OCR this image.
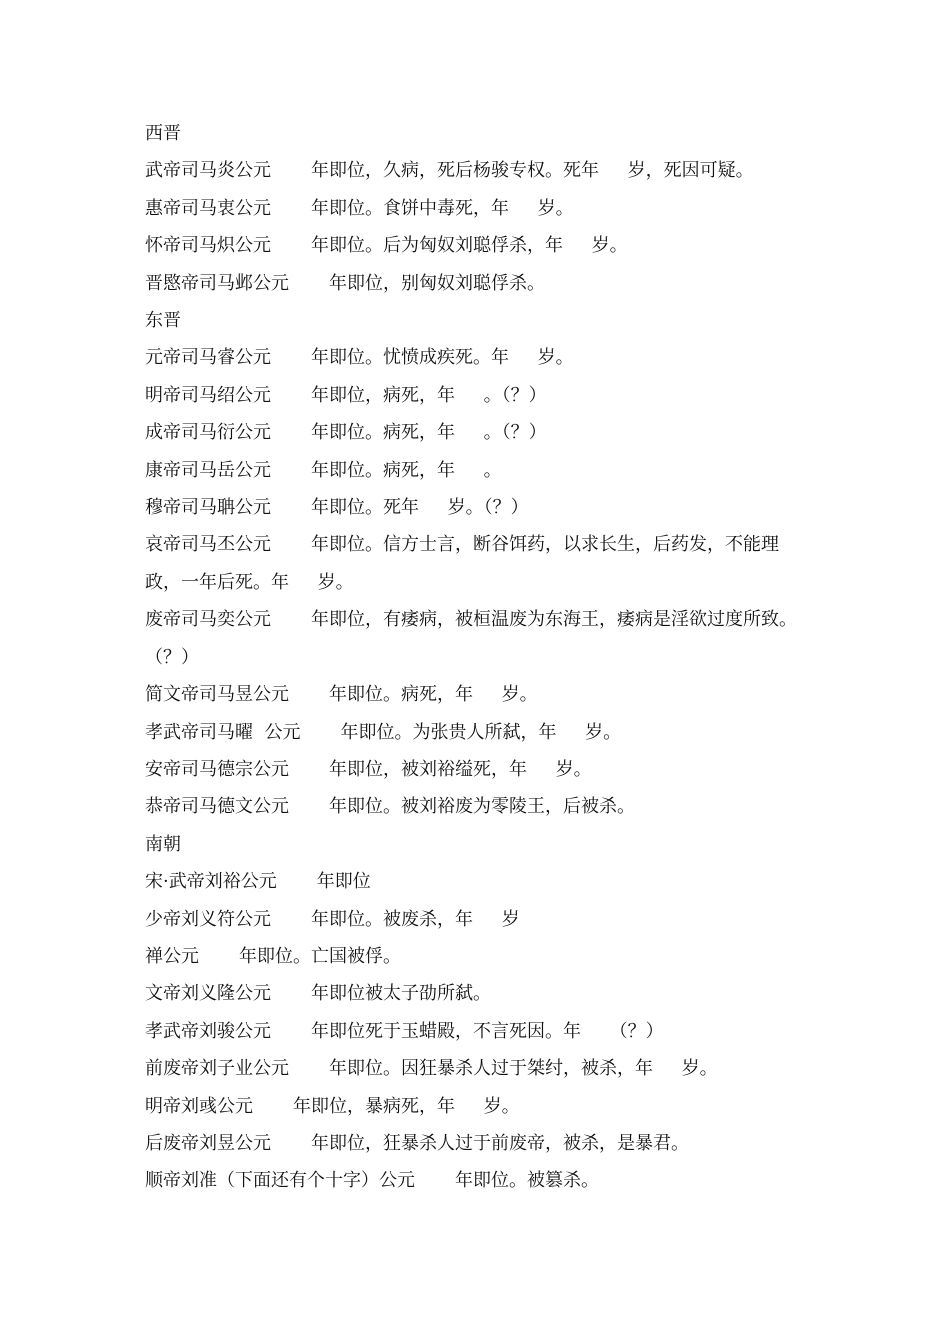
西晋

武帝司马炎公元       年即位，久病，死后杨骏专权。死年     岁，死因可疑。

惠帝司马衷公元       年即位。食饼中毒死，年     岁。

怀帝司马炽公元       年即位。后为匈奴刘聪俘杀，年     岁。

晋愍帝司马邺公元       年即位，别匈奴刘聪俘杀。

东晋

元帝司马睿公元       年即位。忧愤成疾死。年     岁。

明帝司马绍公元       年即位，病死，年     。（？）

成帝司马衍公元       年即位。病死，年     。（？）

康帝司马岳公元       年即位。病死，年     。

穆帝司马聃公元       年即位。死年     岁。（？）

哀帝司马丕公元       年即位。信方士言，断谷饵药，以求长生，后药发，不能理

政，一年后死。年     岁。

废帝司马奕公元       年即位，有痿病，被桓温废为东海王，痿病是淫欲过度所致。

（？）

简文帝司马昱公元       年即位。病死，年     岁。

孝武帝司马曜  公元       年即位。为张贵人所弑，年     岁。

安帝司马德宗公元       年即位，被刘裕缢死，年     岁。

恭帝司马德文公元       年即位。被刘裕废为零陵王，后被杀。

南朝

宋·武帝刘裕公元       年即位

少帝刘义符公元       年即位。被废杀，年     岁

禅公元       年即位。亡国被俘。

文帝刘义隆公元       年即位被太子劭所弑。

孝武帝刘骏公元       年即位死于玉蜡殿，不言死因。年     （？）

前废帝刘子业公元       年即位。因狂暴杀人过于桀纣，被杀，年     岁。

明帝刘彧公元       年即位，暴病死，年     岁。

后废帝刘昱公元       年即位，狂暴杀人过于前废帝，被杀，是暴君。

顺帝刘准（下面还有个十字）公元       年即位。被篡杀。
